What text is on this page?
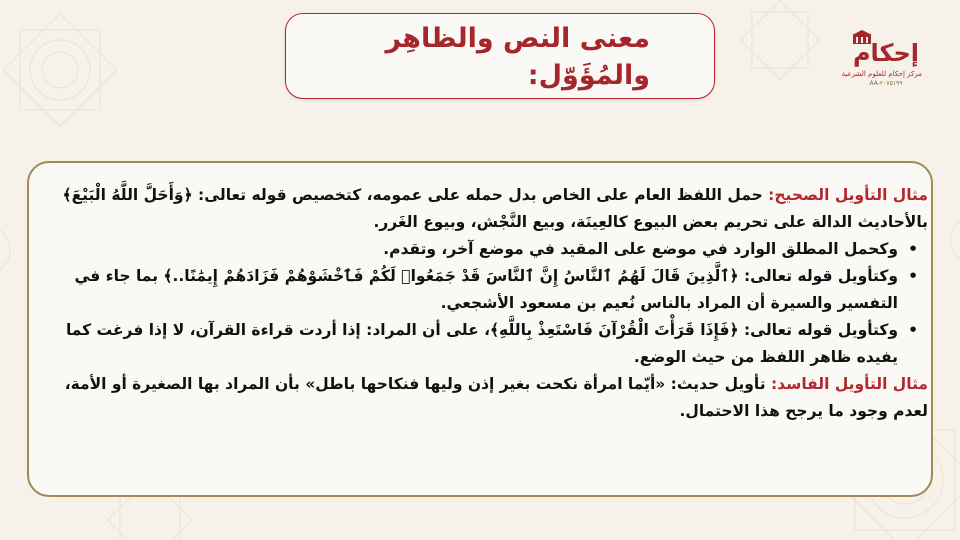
معنى النص والظاهِر
والمُؤَوّل:
إحكام
مركز إحكام للعلوم الشرعية
AA-۲۰۷۵۱۹۹

مثال التأويل الصحيح: حمل اللفظ العام على الخاص بدل حمله على عمومه، كتخصيص قوله تعالى: ﴿وَأَحَلَّ اللَّهُ الْبَيْعَ﴾ بالأحاديث الدالة على تحريم بعض البيوع كالعِينَة، وبيع النَّجْش، وبيوع الغَرر.

•
وكحمل المطلق الوارد في موضع على المقيد في موضع آخر، وتقدم.
•
وكتأويل قوله تعالى: ﴿ٱلَّذِينَ قَالَ لَهُمُ ٱلنَّاسُ إِنَّ ٱلنَّاسَ قَدْ جَمَعُوا۟ لَكُمْ فَٱخْشَوْهُمْ فَزَادَهُمْ إِيمَٰنًا..﴾ بما جاء في التفسير والسيرة أن المراد بالناس نُعيم بن مسعود الأشجعي.
•
وكتأويل قوله تعالى: ﴿فَإِذَا قَرَأْتَ الْقُرْآنَ فَاسْتَعِذْ بِاللَّهِ﴾، على أن المراد: إذا أردت قراءة القرآن، لا إذا فرغت كما يفيده ظاهر اللفظ من حيث الوضع.

مثال التأويل الفاسد: تأويل حديث: «أيّما امرأة نكحت بغير إذن وليها فنكاحها باطل» بأن المراد بها الصغيرة أو الأمة، لعدم وجود ما يرجح هذا الاحتمال.
